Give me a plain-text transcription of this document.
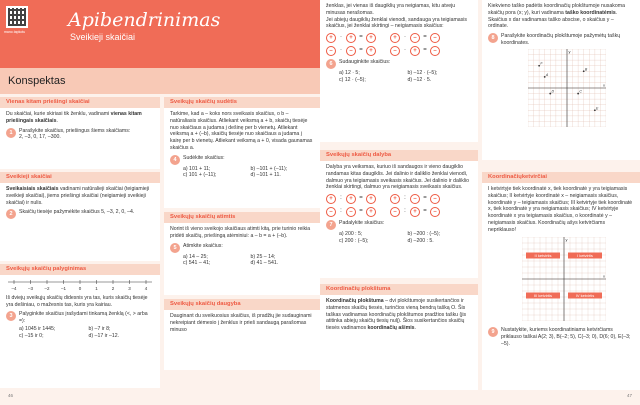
mano.tapkotu
Apibendrinimas
Sveikieji skaičiai
Konspektas
Vienas kitam priešingi skaičiai
Du skaičiai, kurie skiriasi tik ženklu, vadinami vienas kitam priešingais skaičiais.
1	Parašykite skaičius, priešingus šiems skaičiams:
2, –3, 0, 17, –300.
Sveikieji skaičiai
Sveikaisiais skaičiais vadinami natūralieji skaičiai (teigiamieji sveikieji skaičiai), jiems priešingi skaičiai (neigiamieji sveikieji skaičiai) ir nulis.
2	Skaičių tiesėje pažymėkite skaičius 5, –3, 2, 0, –4.
Sveikųjų skaičių palyginimas
–4	–3	–2	–1	0	1	2	3	4
Iš dviejų sveikųjų skaičių didesnis yra tas, kuris skaičių tiesėje yra dešiniau, o mažesnis tas, kuris yra kairiau.
3	Palyginkite skaičius įrašydami tinkamą ženklą (<, > arba =):
a) 1045 ir 1445;	b) –7 ir 8;
c) –15 ir 0;	d) –17 ir –12.
Sveikųjų skaičių sudėtis
Tarkime, kad a – koks nors sveikasis skaičius, o b – natūraliasis skaičius. Atliekant veiksmą a + b, skaičių tiesėje nuo skaičiaus a judama į dešinę per b vienetų. Atliekant veiksmą a + (–b), skaičių tiesėje nuo skaičiaus a judama į kairę per b vienetų. Atliekant veiksmą a + 0, visada gaunamas skaičius a.
4	Sudėkite skaičius:
a) 101 + 11;	b) –101 + (–11);
c) 101 + (–11);	d) –101 + 11.
Sveikųjų skaičių atimtis
Norint iš vieno sveikojo skaičiaus atimti kitą, prie turinio reikia pridėti skaičių, priešingą atėminiui: a – b = a + (–b).
5	Atimkite skaičius:
a) 14 – 25;	b) 25 – 14;
c) 541 – 41;	d) 41 – 541.
Sveikųjų skaičių daugyba
Dauginant du sveikuosius skaičius, iš pradžių jie sudauginami nekreipiant dėmesio į ženklus ir prieš sandaugą parašomas minuso
46
ženklas, jei vienas iš daugiklių yra neigiamas, kitu atveju minusas nerašomas.
Jei abiejų daugiklių ženklai vienodi, sandauga yra teigiamasis skaičius, jei ženklai skirtingi – neigiamasis skaičius:
+	·	+	=	+	+	·	–	=	–
–	·	–	=	+	–	·	+	=	–
6	Sudauginkite skaičius:
a) 12 · 5;	b) –12 · (–5);
c) 12 · (–5);	d) –12 · 5.
Sveikųjų skaičių dalyba
Dalyba yra veiksmas, kuriuo iš sandaugos ir vieno daugiklio randamas kitas daugiklis. Jei dalinio ir daliklio ženklai vienodi, dalmuo yra teigiamasis sveikasis skaičius. Jei dalinio ir daliklio ženklai skirtingi, dalmuo yra neigiamasis sveikasis skaičius.
+	:	+	=	+	+	:	–	=	–
–	:	–	=	+	–	:	+	=	–
7	Padalykite skaičius:
a) 200 : 5;	b) –200 : (–5);
c) 200 : (–5);	d) –200 : 5.
Koordinačių plokštuma
Koordinačių plokštuma – dvi plokštumoje susikertančios ir statmenos skaičių tiesės, turinčios vieną bendrą tašką O. Šis taškas vadinamas koordinačių plokštumos pradžios tašku (jis atitinka abiejų skaičių tiesių nulį). Šios susikertančios skaičių tiesės vadinamos koordinačių ašimis.
Kiekvieno taško padėtis koordinačių plokštumoje nusakoma skaičių pora (x; y), kuri vadinama taško koordinatėmis. Skaičius x dar vadinamas taško abscise, o skaičius y – ordinate.
8	Parašykite koordinačių plokštumoje pažymėtų taškų koordinates.
x
y
A
B
C
D
E
F
Koordinačiųketvirčiai
I ketvirtyje tiek koordinatė x, tiek koordinatė y yra teigiamasis skaičius; II ketvirtyje koordinatė x – neigiamasis skaičius, koordinatė y – teigiamasis skaičius; III ketvirtyje tiek koordinatė x, tiek koordinatė y yra neigiamasis skaičius; IV ketvirtyje koordinatė x yra teigiamasis skaičius, o koordinatė y – neigiamasis skaičius. Koordinačių ašys ketvirčiams nepriklauso!
x
y
II ketvirtis	I ketvirtis
III ketvirtis	IV ketvirtis
9	Nustatykite, kuriems koordinatiniams ketvirčiams priklauso taškai A(2; 3), B(–2; 5), C(–3; 0), D(6; 0), E(–3; –5).
47
